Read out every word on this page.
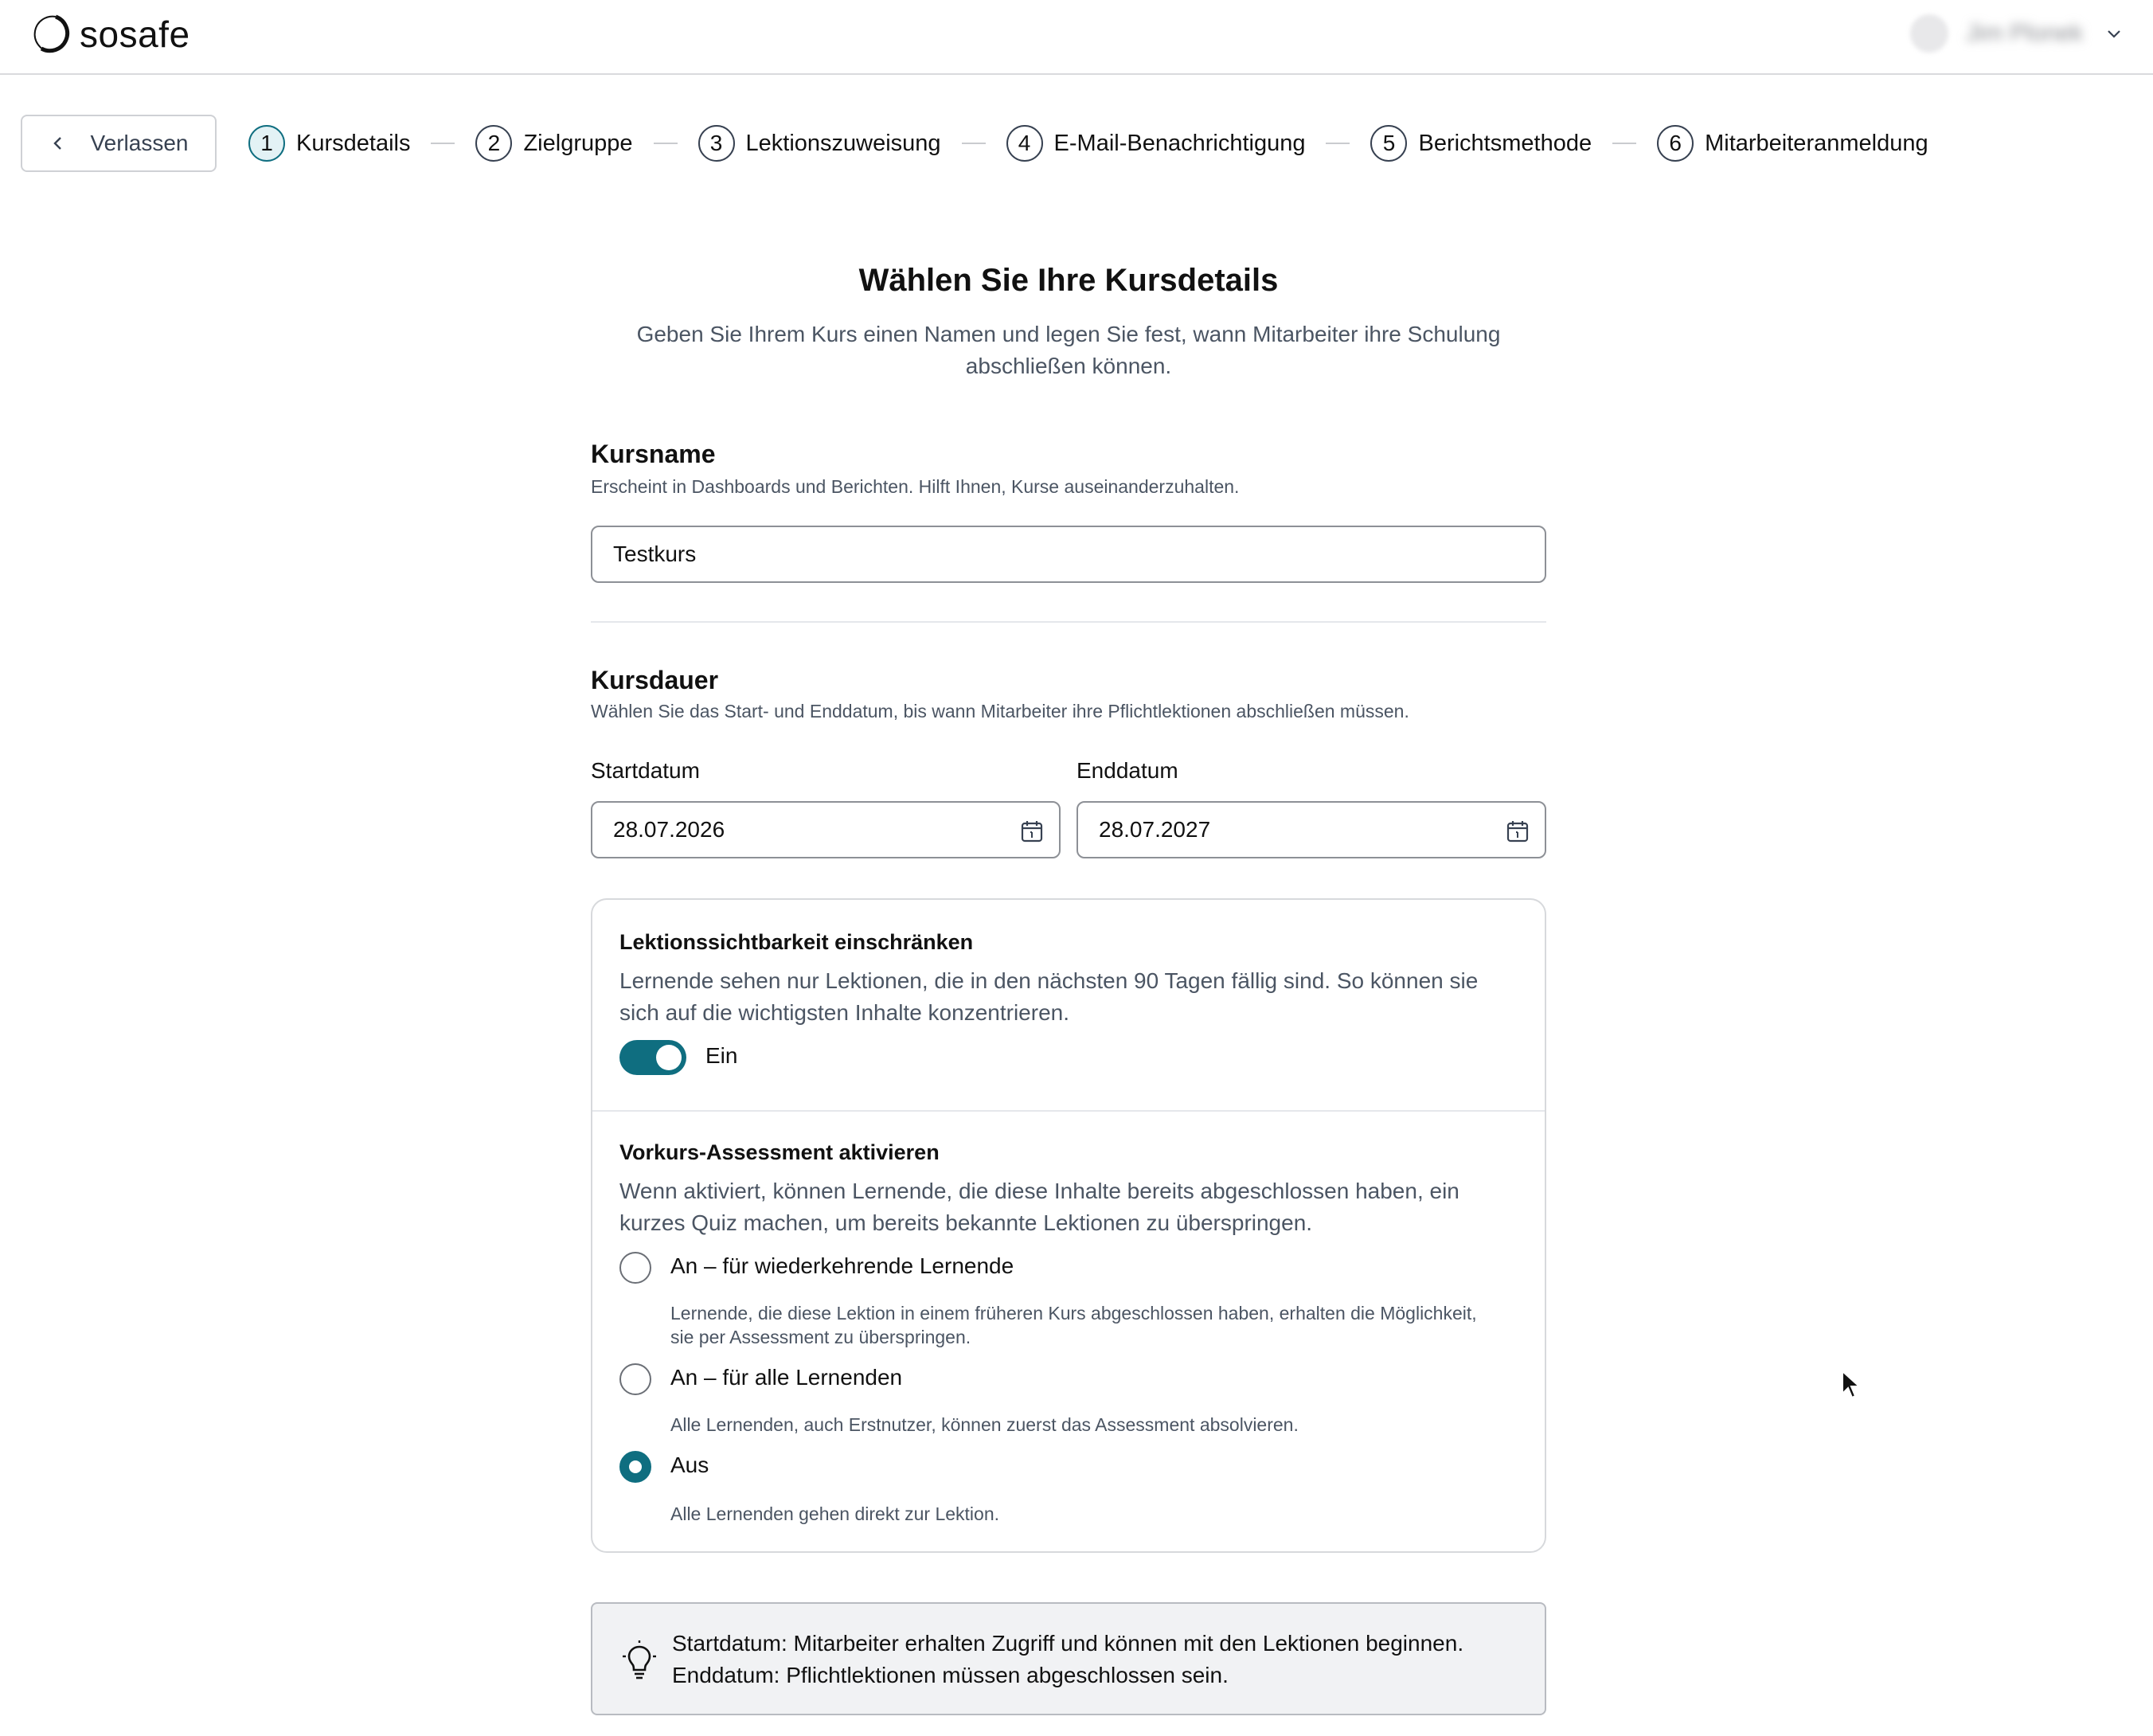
sosafe	Jim Plonek
Verlassen	1	Kursdetails	2	Zielgruppe	3	Lektionszuweisung	4	E-Mail-Benachrichtigung	5	Berichtsmethode	6	Mitarbeiteranmeldung
Wählen Sie Ihre Kursdetails

Geben Sie Ihrem Kurs einen Namen und legen Sie fest, wann Mitarbeiter ihre Schulung abschließen können.

Kursname

Erscheint in Dashboards und Berichten. Hilft Ihnen, Kurse auseinanderzuhalten.

Testkurs
Kursdauer

Wählen Sie das Start- und Enddatum, bis wann Mitarbeiter ihre Pflichtlektionen abschließen müssen.

Startdatum
28.07.2026
Enddatum
28.07.2027
Lektionssichtbarkeit einschränken

Lernende sehen nur Lektionen, die in den nächsten 90 Tagen fällig sind. So können sie sich auf die wichtigsten Inhalte konzentrieren.

Ein
Vorkurs-Assessment aktivieren

Wenn aktiviert, können Lernende, die diese Inhalte bereits abgeschlossen haben, ein kurzes Quiz machen, um bereits bekannte Lektionen zu überspringen.

An – für wiederkehrende Lernende

Lernende, die diese Lektion in einem früheren Kurs abgeschlossen haben, erhalten die Möglichkeit, sie per Assessment zu überspringen.

An – für alle Lernenden

Alle Lernenden, auch Erstnutzer, können zuerst das Assessment absolvieren.

Aus

Alle Lernenden gehen direkt zur Lektion.

Startdatum: Mitarbeiter erhalten Zugriff und können mit den Lektionen beginnen. Enddatum: Pflichtlektionen müssen abgeschlossen sein.
